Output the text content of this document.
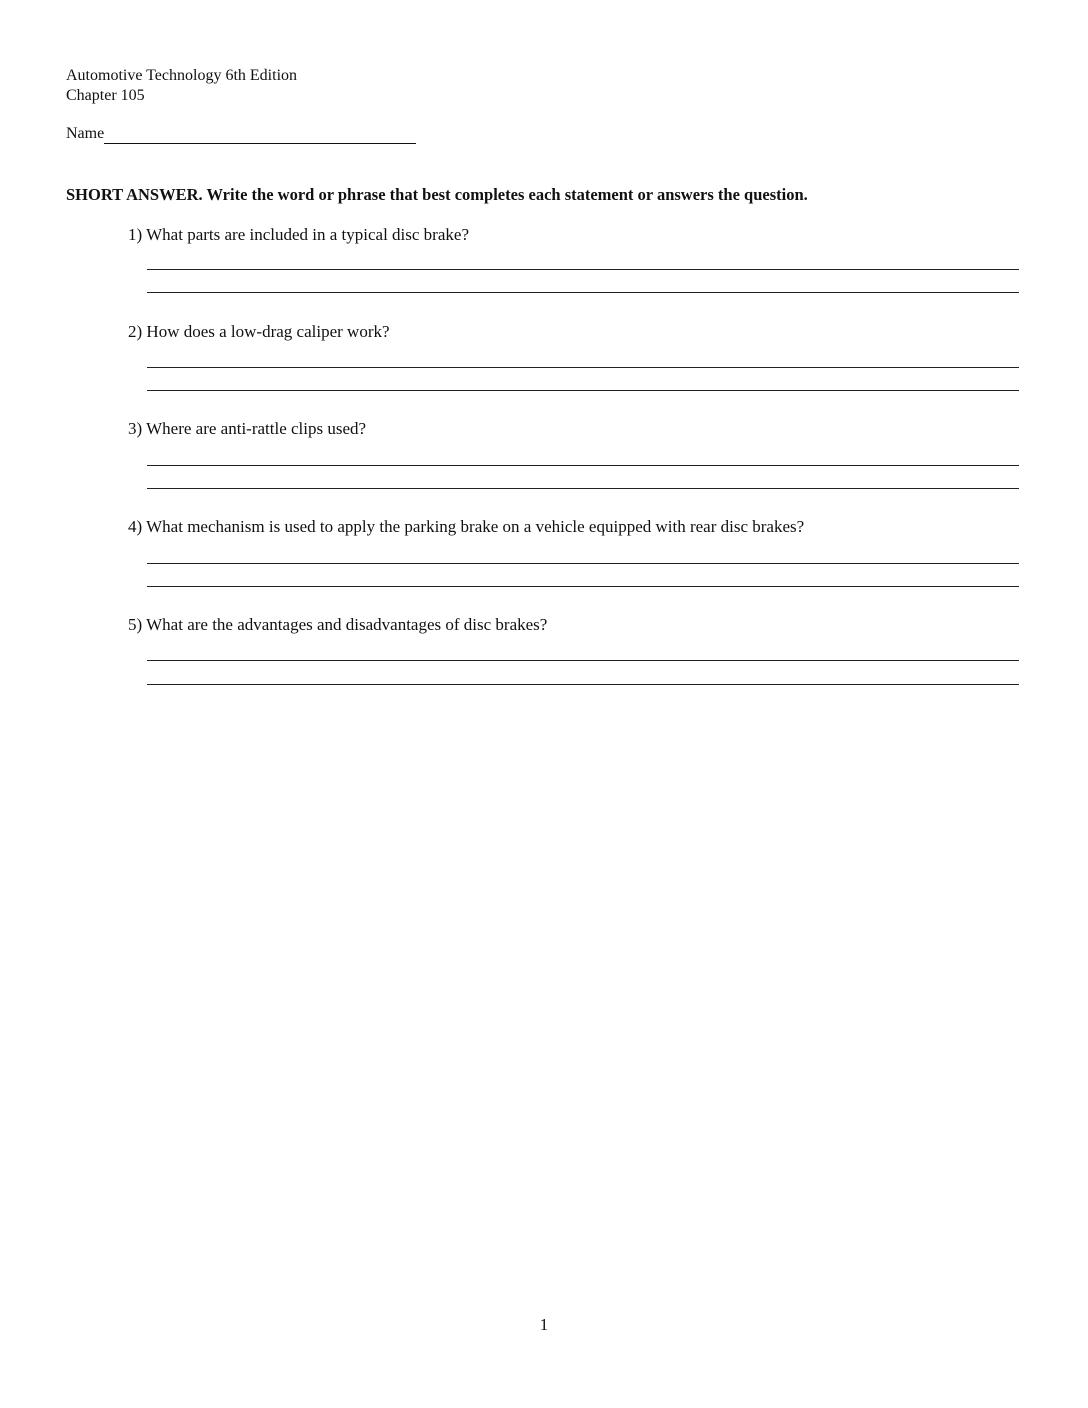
Automotive Technology 6th Edition
Chapter 105
Name
SHORT ANSWER. Write the word or phrase that best completes each statement or answers the question.
1) What parts are included in a typical disc brake?
2) How does a low-drag caliper work?
3) Where are anti-rattle clips used?
4) What mechanism is used to apply the parking brake on a vehicle equipped with rear disc brakes?
5) What are the advantages and disadvantages of disc brakes?
1
